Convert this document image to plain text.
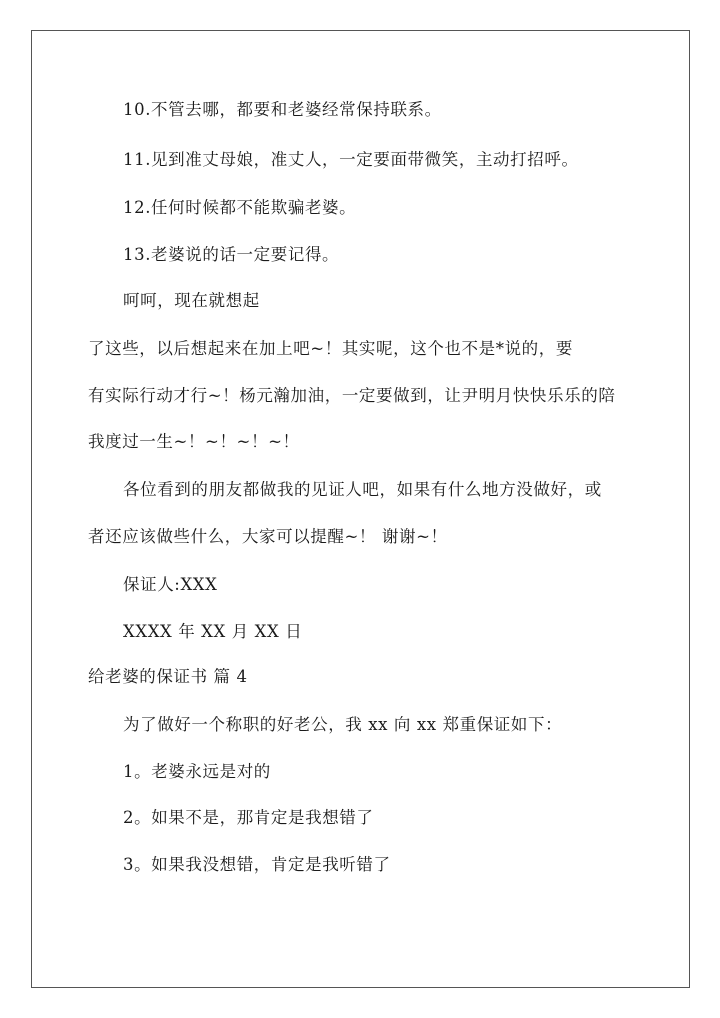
10.不管去哪，都要和老婆经常保持联系。
11.见到准丈母娘，准丈人，一定要面带微笑，主动打招呼。
12.任何时候都不能欺骗老婆。
13.老婆说的话一定要记得。
呵呵，现在就想起
了这些，以后想起来在加上吧~！其实呢，这个也不是*说的，要
有实际行动才行~！杨元瀚加油，一定要做到，让尹明月快快乐乐的陪
我度过一生~！~！~！~！
各位看到的朋友都做我的见证人吧，如果有什么地方没做好，或
者还应该做些什么，大家可以提醒~！ 谢谢~！
保证人:XXX
XXXX 年 XX 月 XX 日
给老婆的保证书 篇 4
为了做好一个称职的好老公，我 xx 向 xx 郑重保证如下：
1。老婆永远是对的
2。如果不是，那肯定是我想错了
3。如果我没想错，肯定是我听错了
